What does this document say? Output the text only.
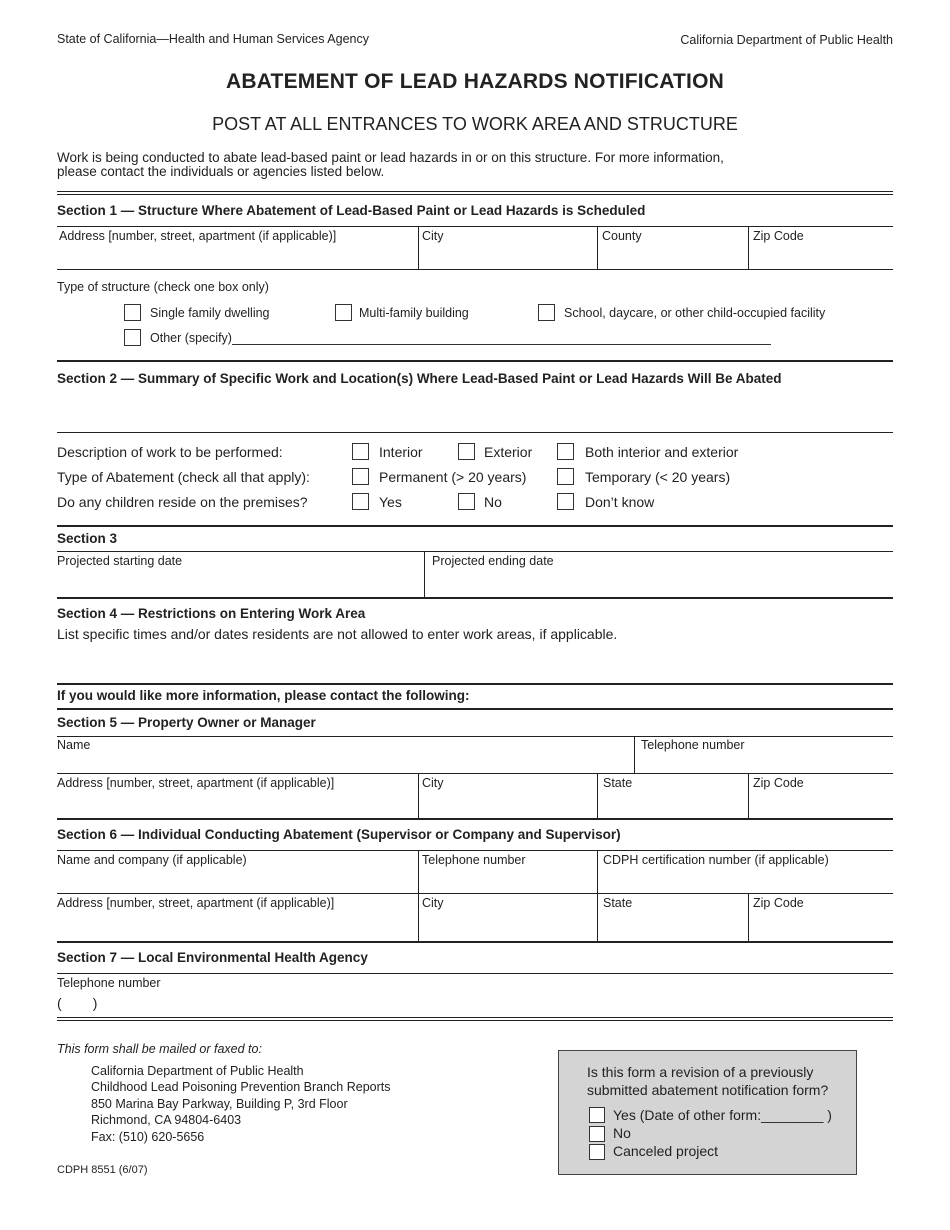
State of California—Health and Human Services Agency	California Department of Public Health
ABATEMENT OF LEAD HAZARDS NOTIFICATION
POST AT ALL ENTRANCES TO WORK AREA AND STRUCTURE
Work is being conducted to abate lead-based paint or lead hazards in or on this structure. For more information,
please contact the individuals or agencies listed below.
Section 1 — Structure Where Abatement of Lead-Based Paint or Lead Hazards is Scheduled
Address [number, street, apartment (if applicable)]	City	County	Zip Code
Type of structure (check one box only)
Single family dwelling	Multi-family building	School, daycare, or other child-occupied facility
Other (specify)
Section 2 — Summary of Specific Work and Location(s) Where Lead-Based Paint or Lead Hazards Will Be Abated
Description of work to be performed:	Interior	Exterior	Both interior and exterior
Type of Abatement (check all that apply):	Permanent (> 20 years)	Temporary (< 20 years)
Do any children reside on the premises?	Yes	No	Don’t know
Section 3
Projected starting date	Projected ending date
Section 4 — Restrictions on Entering Work Area
List specific times and/or dates residents are not allowed to enter work areas, if applicable.
If you would like more information, please contact the following:
Section 5 — Property Owner or Manager
Name	Telephone number
Address [number, street, apartment (if applicable)]	City	State	Zip Code
Section 6 — Individual Conducting Abatement (Supervisor or Company and Supervisor)
Name and company (if applicable)	Telephone number	CDPH certification number (if applicable)
Address [number, street, apartment (if applicable)]	City	State	Zip Code
Section 7 — Local Environmental Health Agency
Telephone number
(        )
This form shall be mailed or faxed to:
California Department of Public Health
Childhood Lead Poisoning Prevention Branch Reports
850 Marina Bay Parkway, Building P, 3rd Floor
Richmond, CA 94804-6403
Fax: (510) 620-5656
CDPH 8551 (6/07)
Is this form a revision of a previously submitted abatement notification form?
Yes (Date of other form:________ )
No
Canceled project
